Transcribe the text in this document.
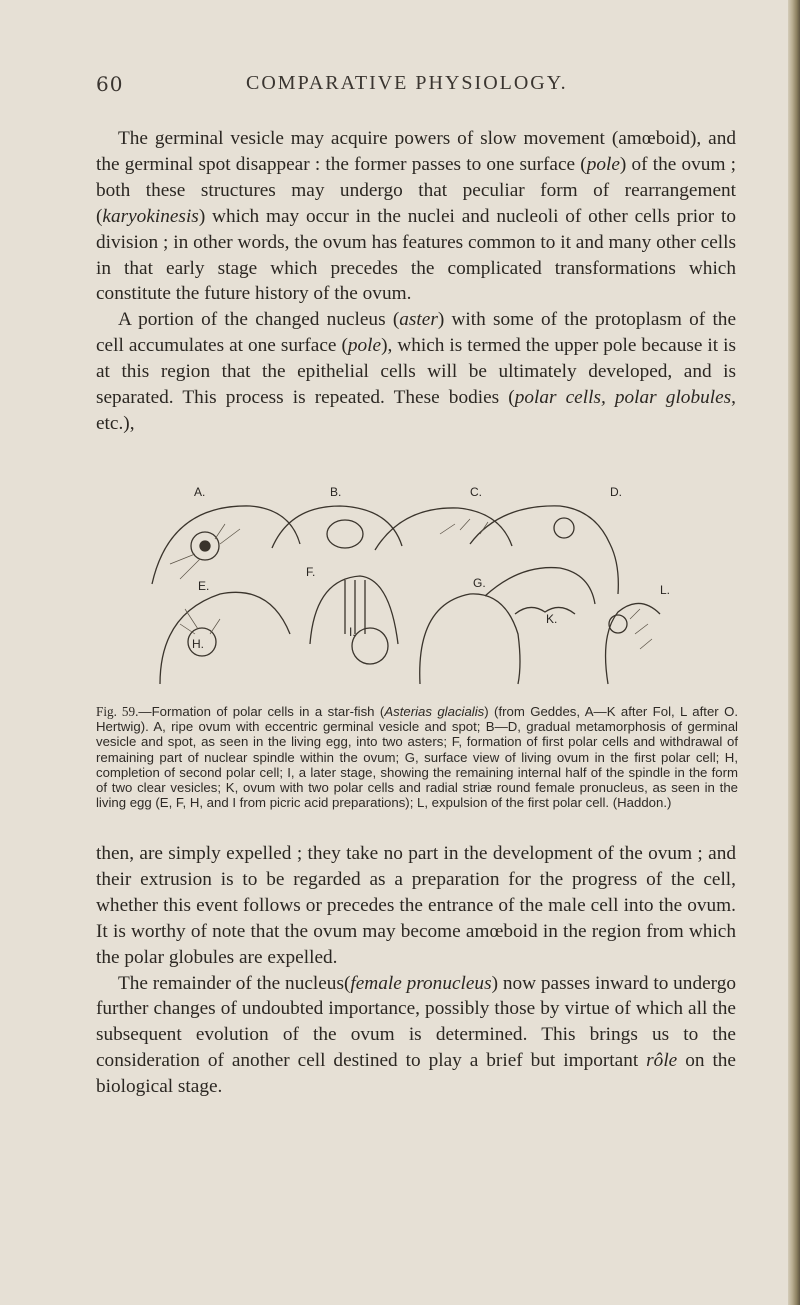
60	COMPARATIVE PHYSIOLOGY.

The germinal vesicle may acquire powers of slow movement (amœboid), and the germinal spot disappear : the former passes to one surface (pole) of the ovum ; both these structures may undergo that peculiar form of rearrangement (karyokinesis) which may occur in the nuclei and nucleoli of other cells prior to division ; in other words, the ovum has features common to it and many other cells in that early stage which precedes the complicated transformations which constitute the future history of the ovum.

A portion of the changed nucleus (aster) with some of the protoplasm of the cell accumulates at one surface (pole), which is termed the upper pole because it is at this region that the epithelial cells will be ultimately developed, and is separated. This process is repeated. These bodies (polar cells, polar globules, etc.),

A.	B.	C.	D.
E.
F.
G.
H.
I.
K.
L.
Fig. 59.—Formation of polar cells in a star-fish (Asterias glacialis) (from Geddes, A—K after Fol, L after O. Hertwig). A, ripe ovum with eccentric germinal vesicle and spot; B—D, gradual metamorphosis of germinal vesicle and spot, as seen in the living egg, into two asters; F, formation of first polar cells and withdrawal of remaining part of nuclear spindle within the ovum; G, surface view of living ovum in the first polar cell; H, completion of second polar cell; I, a later stage, showing the remaining internal half of the spindle in the form of two clear vesicles; K, ovum with two polar cells and radial striæ round female pronucleus, as seen in the living egg (E, F, H, and I from picric acid preparations); L, expulsion of the first polar cell. (Haddon.)

then, are simply expelled ; they take no part in the development of the ovum ; and their extrusion is to be regarded as a preparation for the progress of the cell, whether this event follows or precedes the entrance of the male cell into the ovum. It is worthy of note that the ovum may become amœboid in the region from which the polar globules are expelled.

The remainder of the nucleus(female pronucleus) now passes inward to undergo further changes of undoubted importance, possibly those by virtue of which all the subsequent evolution of the ovum is determined. This brings us to the consideration of another cell destined to play a brief but important rôle on the biological stage.
